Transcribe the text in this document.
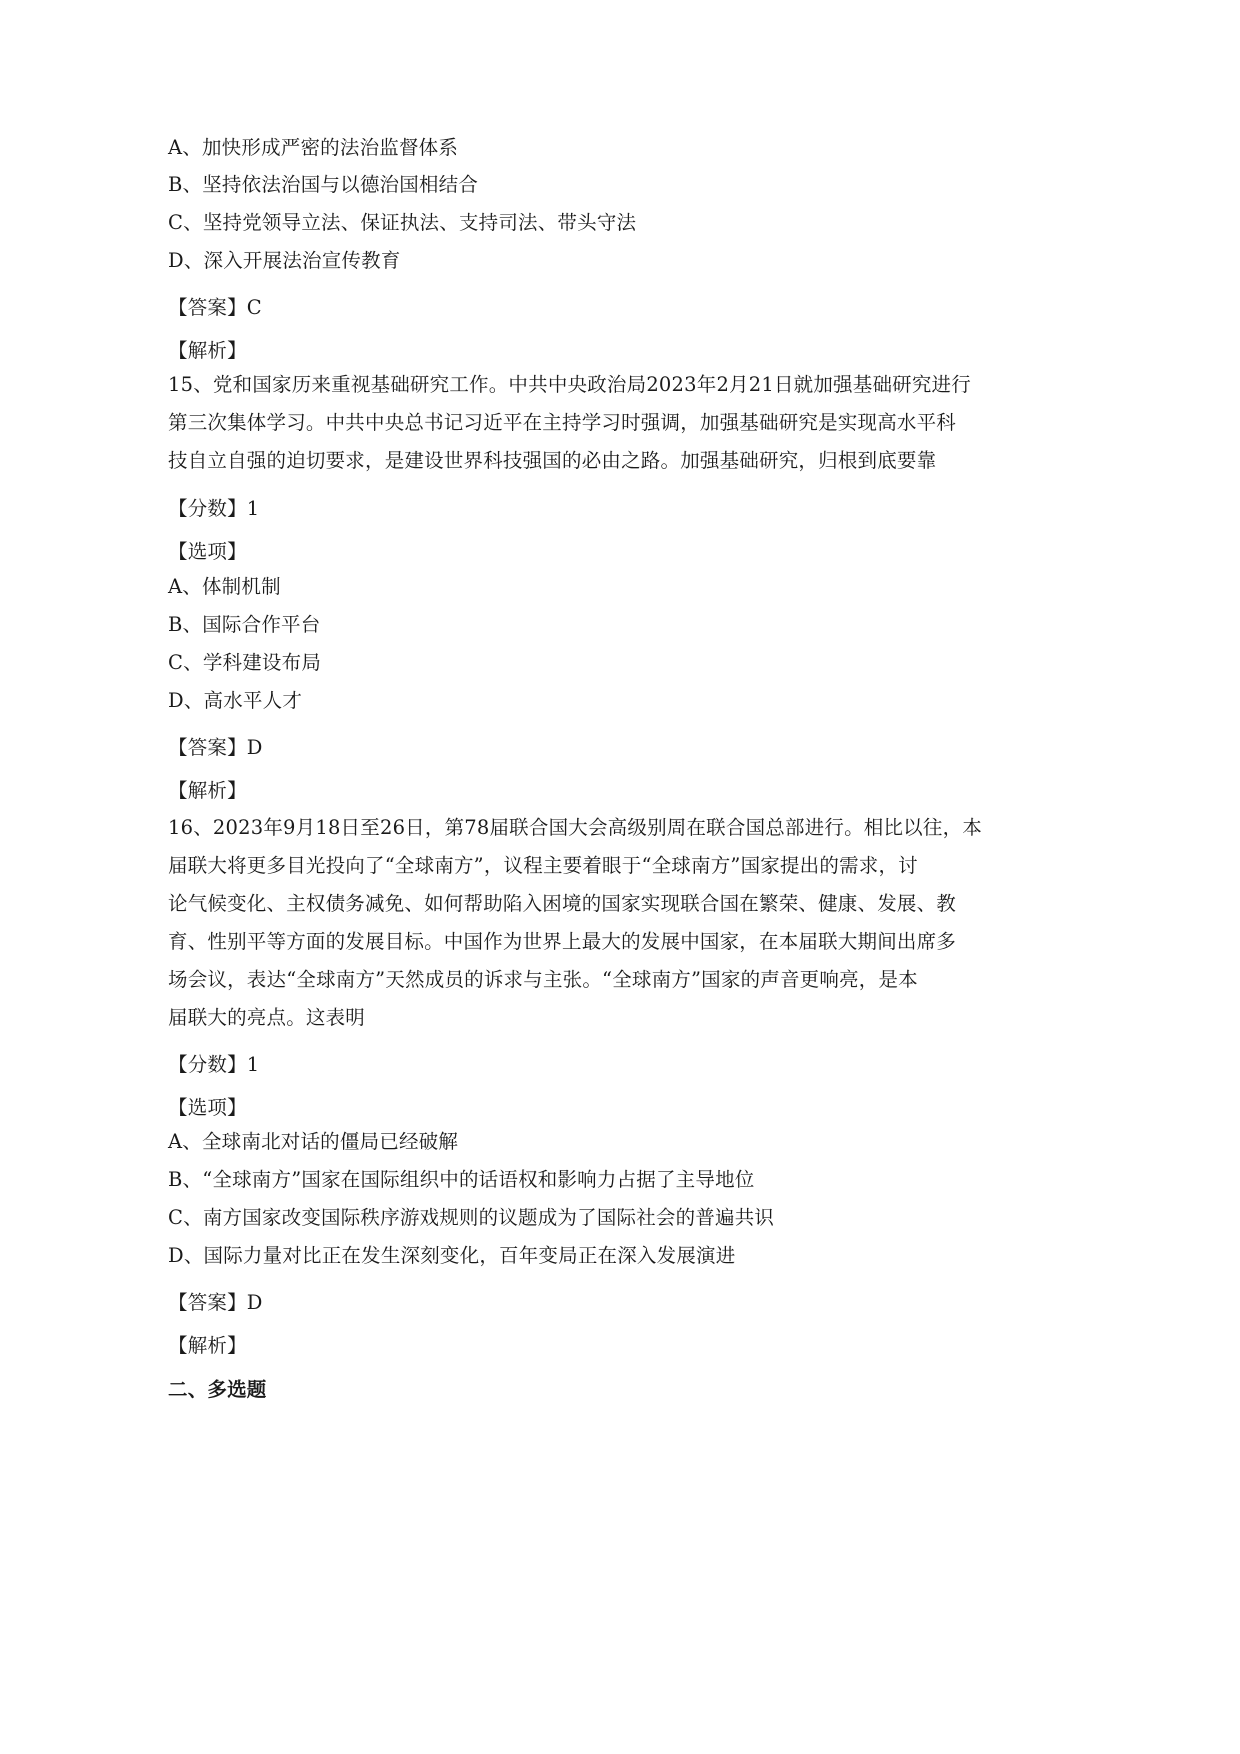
A、加快形成严密的法治监督体系
B、坚持依法治国与以德治国相结合
C、坚持党领导立法、保证执法、支持司法、带头守法
D、深入开展法治宣传教育
【答案】C
【解析】
15、党和国家历来重视基础研究工作。中共中央政治局2023年2月21日就加强基础研究进行
第三次集体学习。中共中央总书记习近平在主持学习时强调，加强基础研究是实现高水平科
技自立自强的迫切要求，是建设世界科技强国的必由之路。加强基础研究，归根到底要靠
【分数】1
【选项】
A、体制机制
B、国际合作平台
C、学科建设布局
D、高水平人才
【答案】D
【解析】
16、2023年9月18日至26日，第78届联合国大会高级别周在联合国总部进行。相比以往，本
届联大将更多目光投向了“全球南方”，议程主要着眼于“全球南方”国家提出的需求，讨
论气候变化、主权债务减免、如何帮助陷入困境的国家实现联合国在繁荣、健康、发展、教
育、性别平等方面的发展目标。中国作为世界上最大的发展中国家，在本届联大期间出席多
场会议，表达“全球南方”天然成员的诉求与主张。“全球南方”国家的声音更响亮，是本
届联大的亮点。这表明
【分数】1
【选项】
A、全球南北对话的僵局已经破解
B、“全球南方”国家在国际组织中的话语权和影响力占据了主导地位
C、南方国家改变国际秩序游戏规则的议题成为了国际社会的普遍共识
D、国际力量对比正在发生深刻变化，百年变局正在深入发展演进
【答案】D
【解析】
二、多选题
